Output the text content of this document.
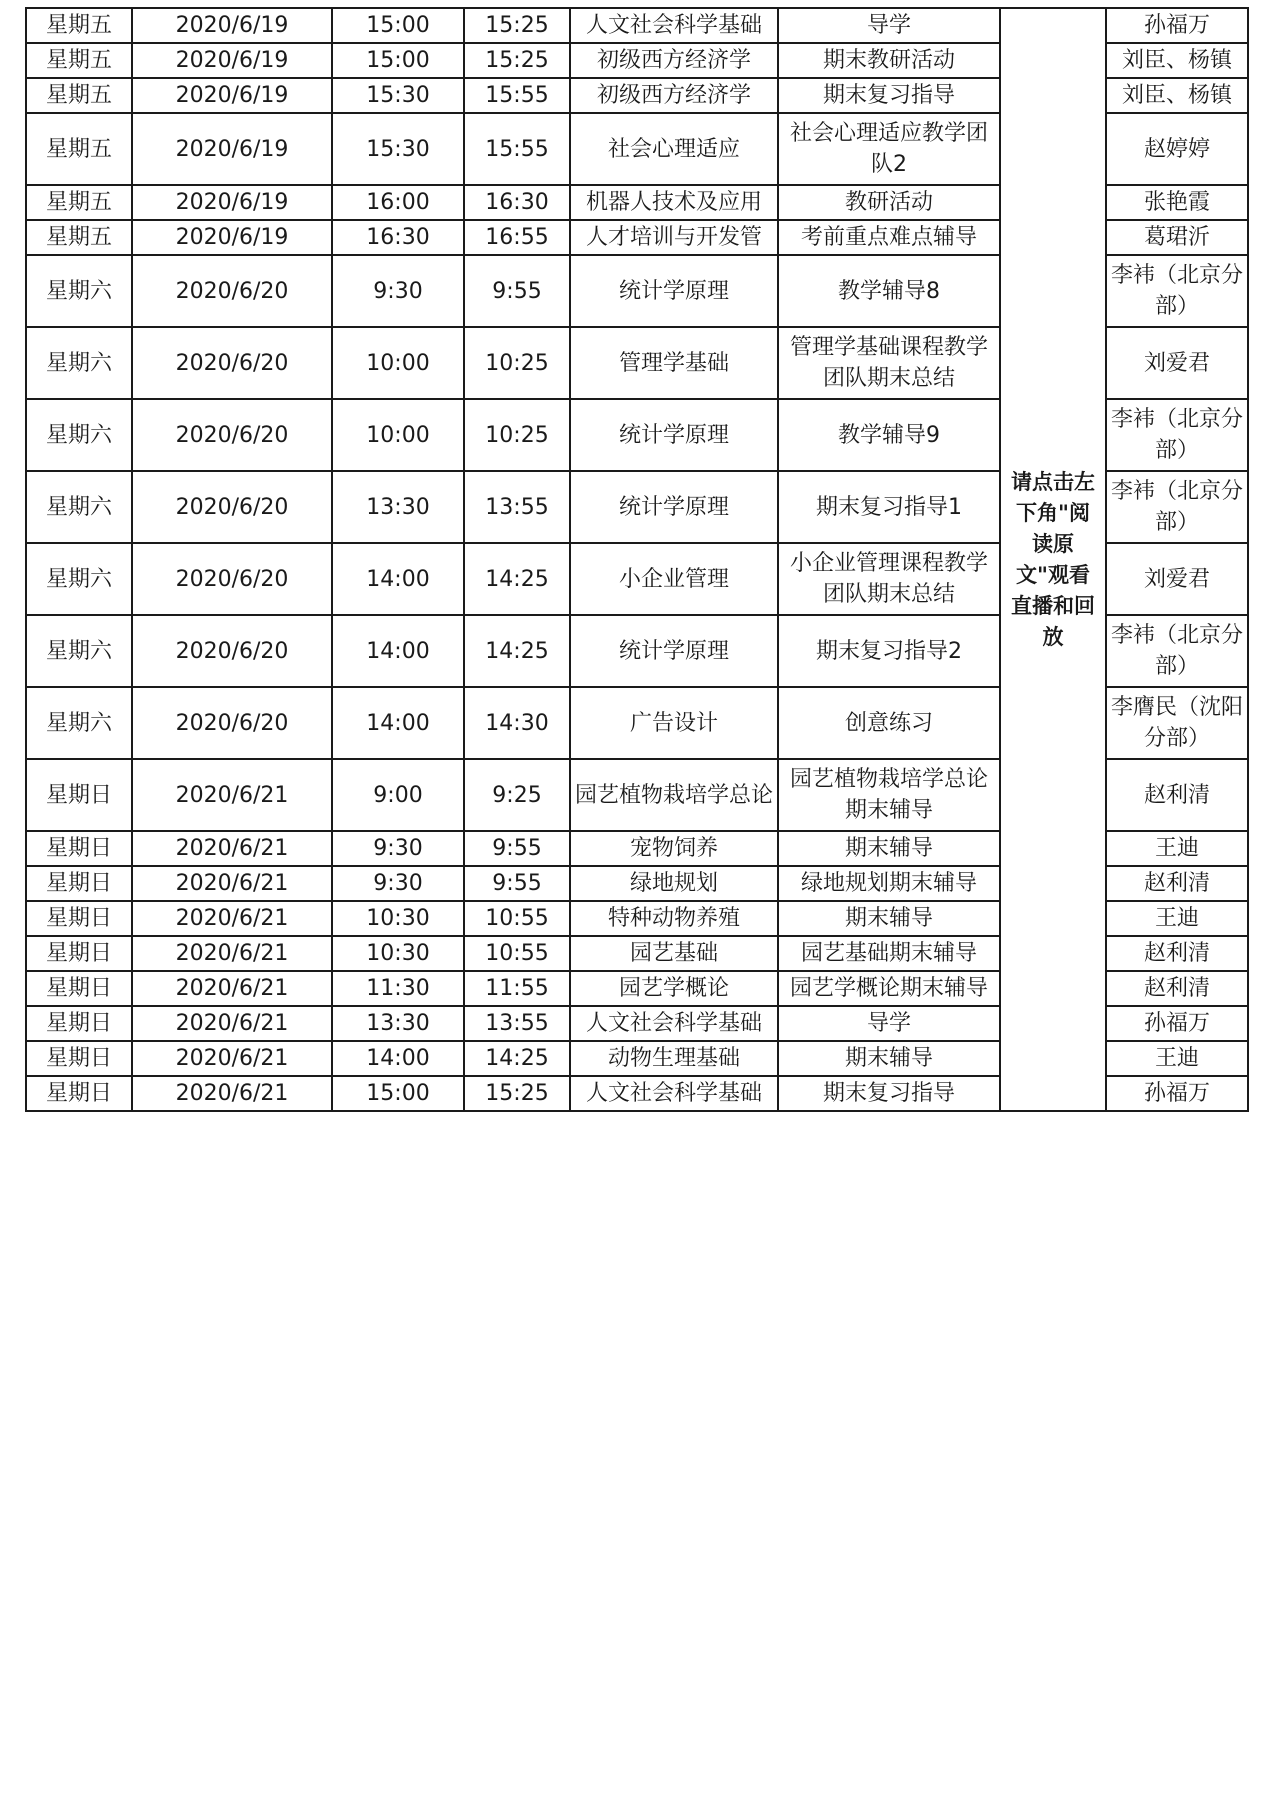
星期五	2020/6/19	15:00	15:25	人文社会科学基础	导学	请点击左下角"阅读原文"观看直播和回放	孙福万
星期五	2020/6/19	15:00	15:25	初级西方经济学	期末教研活动		刘臣、杨镇
星期五	2020/6/19	15:30	15:55	初级西方经济学	期末复习指导		刘臣、杨镇
星期五	2020/6/19	15:30	15:55	社会心理适应	社会心理适应教学团队2		赵婷婷
星期五	2020/6/19	16:00	16:30	机器人技术及应用	教研活动		张艳霞
星期五	2020/6/19	16:30	16:55	人才培训与开发管	考前重点难点辅导		葛珺沂
星期六	2020/6/20	9:30	9:55	统计学原理	教学辅导8		李袆（北京分部）
星期六	2020/6/20	10:00	10:25	管理学基础	管理学基础课程教学团队期末总结		刘爱君
星期六	2020/6/20	10:00	10:25	统计学原理	教学辅导9		李袆（北京分部）
星期六	2020/6/20	13:30	13:55	统计学原理	期末复习指导1		李袆（北京分部）
星期六	2020/6/20	14:00	14:25	小企业管理	小企业管理课程教学团队期末总结		刘爱君
星期六	2020/6/20	14:00	14:25	统计学原理	期末复习指导2		李袆（北京分部）
星期六	2020/6/20	14:00	14:30	广告设计	创意练习		李膺民（沈阳分部）
星期日	2020/6/21	9:00	9:25	园艺植物栽培学总论	园艺植物栽培学总论期末辅导		赵利清
星期日	2020/6/21	9:30	9:55	宠物饲养	期末辅导		王迪
星期日	2020/6/21	9:30	9:55	绿地规划	绿地规划期末辅导		赵利清
星期日	2020/6/21	10:30	10:55	特种动物养殖	期末辅导		王迪
星期日	2020/6/21	10:30	10:55	园艺基础	园艺基础期末辅导		赵利清
星期日	2020/6/21	11:30	11:55	园艺学概论	园艺学概论期末辅导		赵利清
星期日	2020/6/21	13:30	13:55	人文社会科学基础	导学		孙福万
星期日	2020/6/21	14:00	14:25	动物生理基础	期末辅导		王迪
星期日	2020/6/21	15:00	15:25	人文社会科学基础	期末复习指导		孙福万
